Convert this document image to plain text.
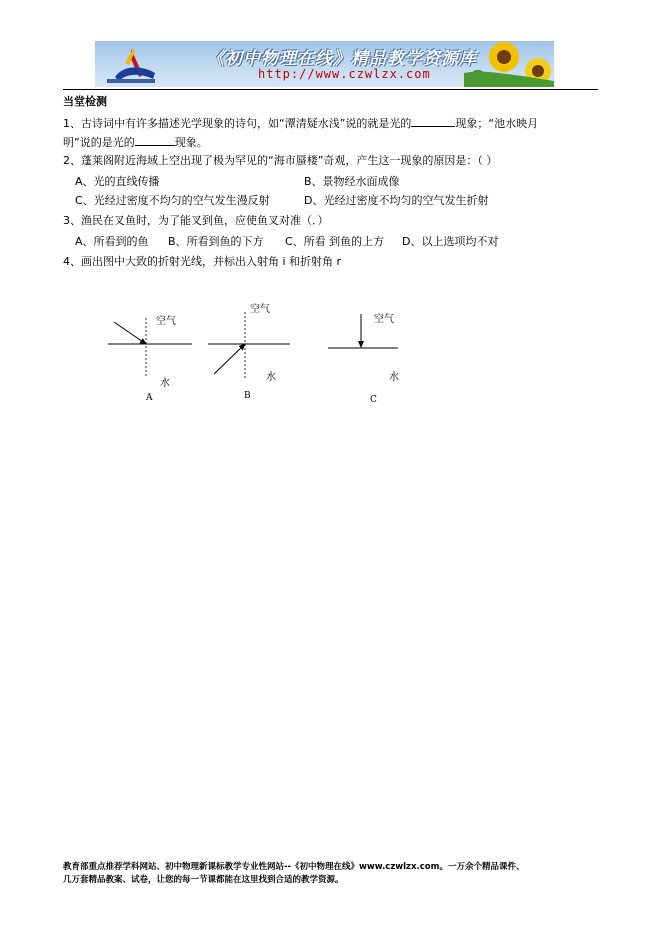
《初中物理在线》精品教学资源库
http://www.czwlzx.com
当堂检测
1、古诗词中有许多描述光学现象的诗句，如“潭清疑水浅”说的就是光的	现象；“池水映月
明”说的是光的	现象。
2、蓬莱阁附近海域上空出现了极为罕见的“海市蜃楼”奇观，产生这一现象的原因是：（ ）
A、光的直线传播	B、景物经水面成像
C、光经过密度不均匀的空气发生漫反射	D、光经过密度不均匀的空气发生折射
3、渔民在叉鱼时，为了能叉到鱼，应使鱼叉对准（．）
A、所看到的鱼 B、所看到鱼的下方 C、所看 到鱼的上方 D、以上选项均不对
4、画出图中大致的折射光线，并标出入射角 i 和折射角 r
空气
水
A
空气
水
B
空气
水
C
教育部重点推荐学科网站、初中物理新课标教学专业性网站--《初中物理在线》www.czwlzx.com。一万余个精品课件、
几万套精品教案、试卷，让您的每一节课都能在这里找到合适的教学资源。
